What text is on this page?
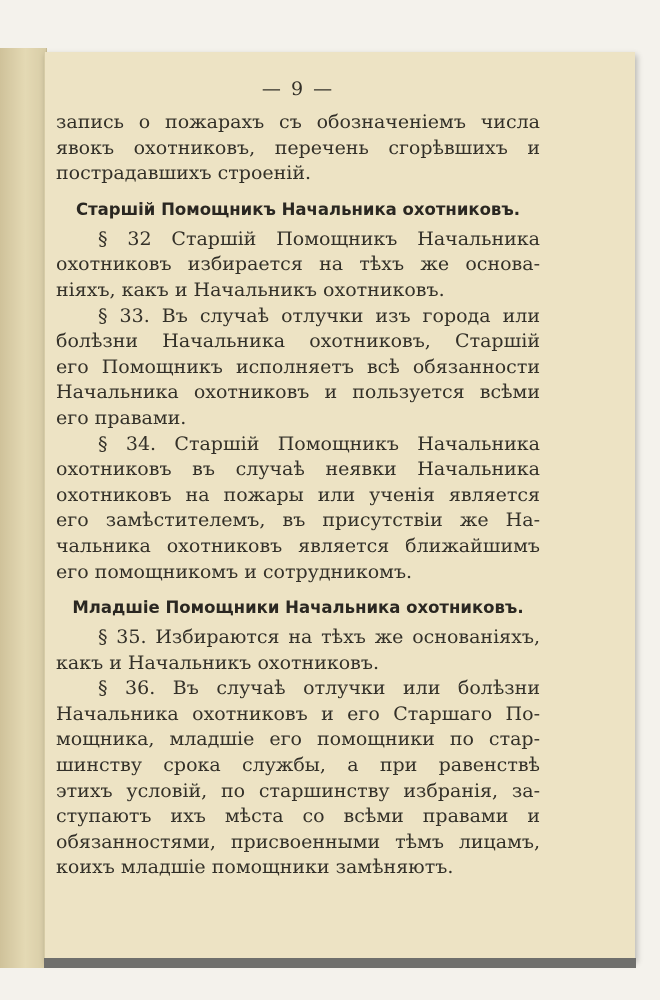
— 9 —
запись о пожарахъ съ обозначеніемъ числа
явокъ охотниковъ, перечень сгорѣвшихъ и
пострадавшихъ строеній.
Старшій Помощникъ Начальника охотниковъ.
§ 32 Старшій Помощникъ Начальника
охотниковъ избирается на тѣхъ же основа-
ніяхъ, какъ и Начальникъ охотниковъ.
§ 33. Въ случаѣ отлучки изъ города или
болѣзни Начальника охотниковъ, Старшій
его Помощникъ исполняетъ всѣ обязанности
Начальника охотниковъ и пользуется всѣми
его правами.
§ 34. Старшій Помощникъ Начальника
охотниковъ въ случаѣ неявки Начальника
охотниковъ на пожары или ученія является
его замѣстителемъ, въ присутствіи же На-
чальника охотниковъ является ближайшимъ
его помощникомъ и сотрудникомъ.
Младшіе Помощники Начальника охотниковъ.
§ 35. Избираются на тѣхъ же основаніяхъ,
какъ и Начальникъ охотниковъ.
§ 36. Въ случаѣ отлучки или болѣзни
Начальника охотниковъ и его Старшаго По-
мощника, младшіе его помощники по стар-
шинству срока службы, а при равенствѣ
этихъ условій, по старшинству избранія, за-
ступаютъ ихъ мѣста со всѣми правами и
обязанностями, присвоенными тѣмъ лицамъ,
коихъ младшіе помощники замѣняютъ.
